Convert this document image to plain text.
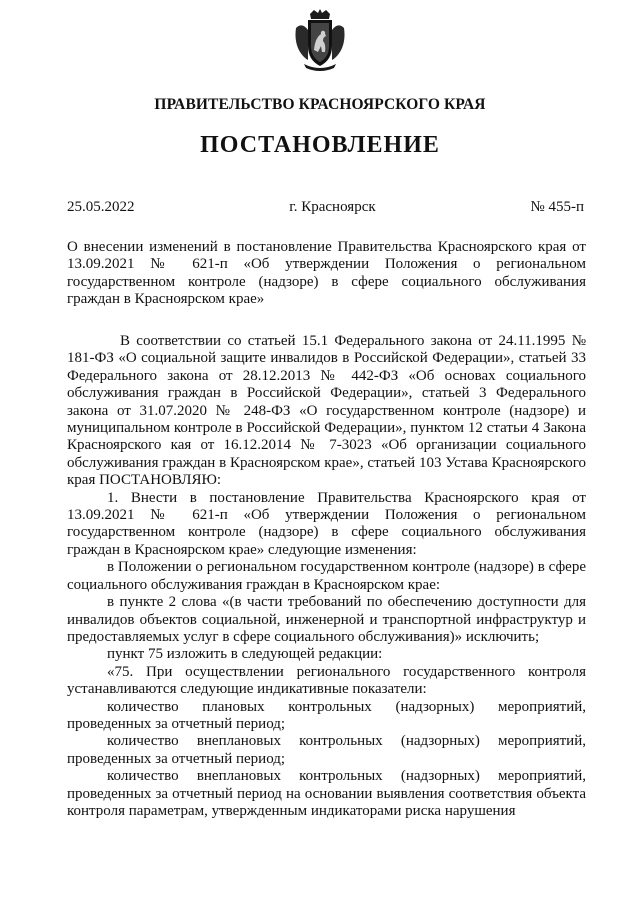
ПРАВИТЕЛЬСТВО КРАСНОЯРСКОГО КРАЯ
ПОСТАНОВЛЕНИЕ
25.05.2022	г. Красноярск	№ 455-п
О внесении изменений в постановление Правительства Красноярского края от 13.09.2021 № 621-п «Об утверждении Положения о региональном государственном контроле (надзоре) в сфере социального обслуживания граждан в Красноярском крае»

В соответствии со статьей 15.1 Федерального закона от 24.11.1995 № 181-ФЗ «О социальной защите инвалидов в Российской Федерации», статьей 33 Федерального закона от 28.12.2013 № 442-ФЗ «Об основах социального обслуживания граждан в Российской Федерации», статьей 3 Федерального закона от 31.07.2020 № 248-ФЗ «О государственном контроле (надзоре) и муниципальном контроле в Российской Федерации», пунктом 12 статьи 4 Закона Красноярского кая от 16.12.2014 № 7-3023 «Об организации социального обслуживания граждан в Красноярском крае», статьей 103 Устава Красноярского края ПОСТАНОВЛЯЮ:

1. Внести в постановление Правительства Красноярского края от 13.09.2021 № 621-п «Об утверждении Положения о региональном государственном контроле (надзоре) в сфере социального обслуживания граждан в Красноярском крае» следующие изменения:

в Положении о региональном государственном контроле (надзоре) в сфере социального обслуживания граждан в Красноярском крае:

в пункте 2 слова «(в части требований по обеспечению доступности для инвалидов объектов социальной, инженерной и транспортной инфраструктур и предоставляемых услуг в сфере социального обслуживания)» исключить;

пункт 75 изложить в следующей редакции:

«75. При осуществлении регионального государственного контроля устанавливаются следующие индикативные показатели:

количество плановых контрольных (надзорных) мероприятий, проведенных за отчетный период;

количество внеплановых контрольных (надзорных) мероприятий, проведенных за отчетный период;

количество внеплановых контрольных (надзорных) мероприятий, проведенных за отчетный период на основании выявления соответствия объекта контроля параметрам, утвержденным индикаторами риска нарушения
